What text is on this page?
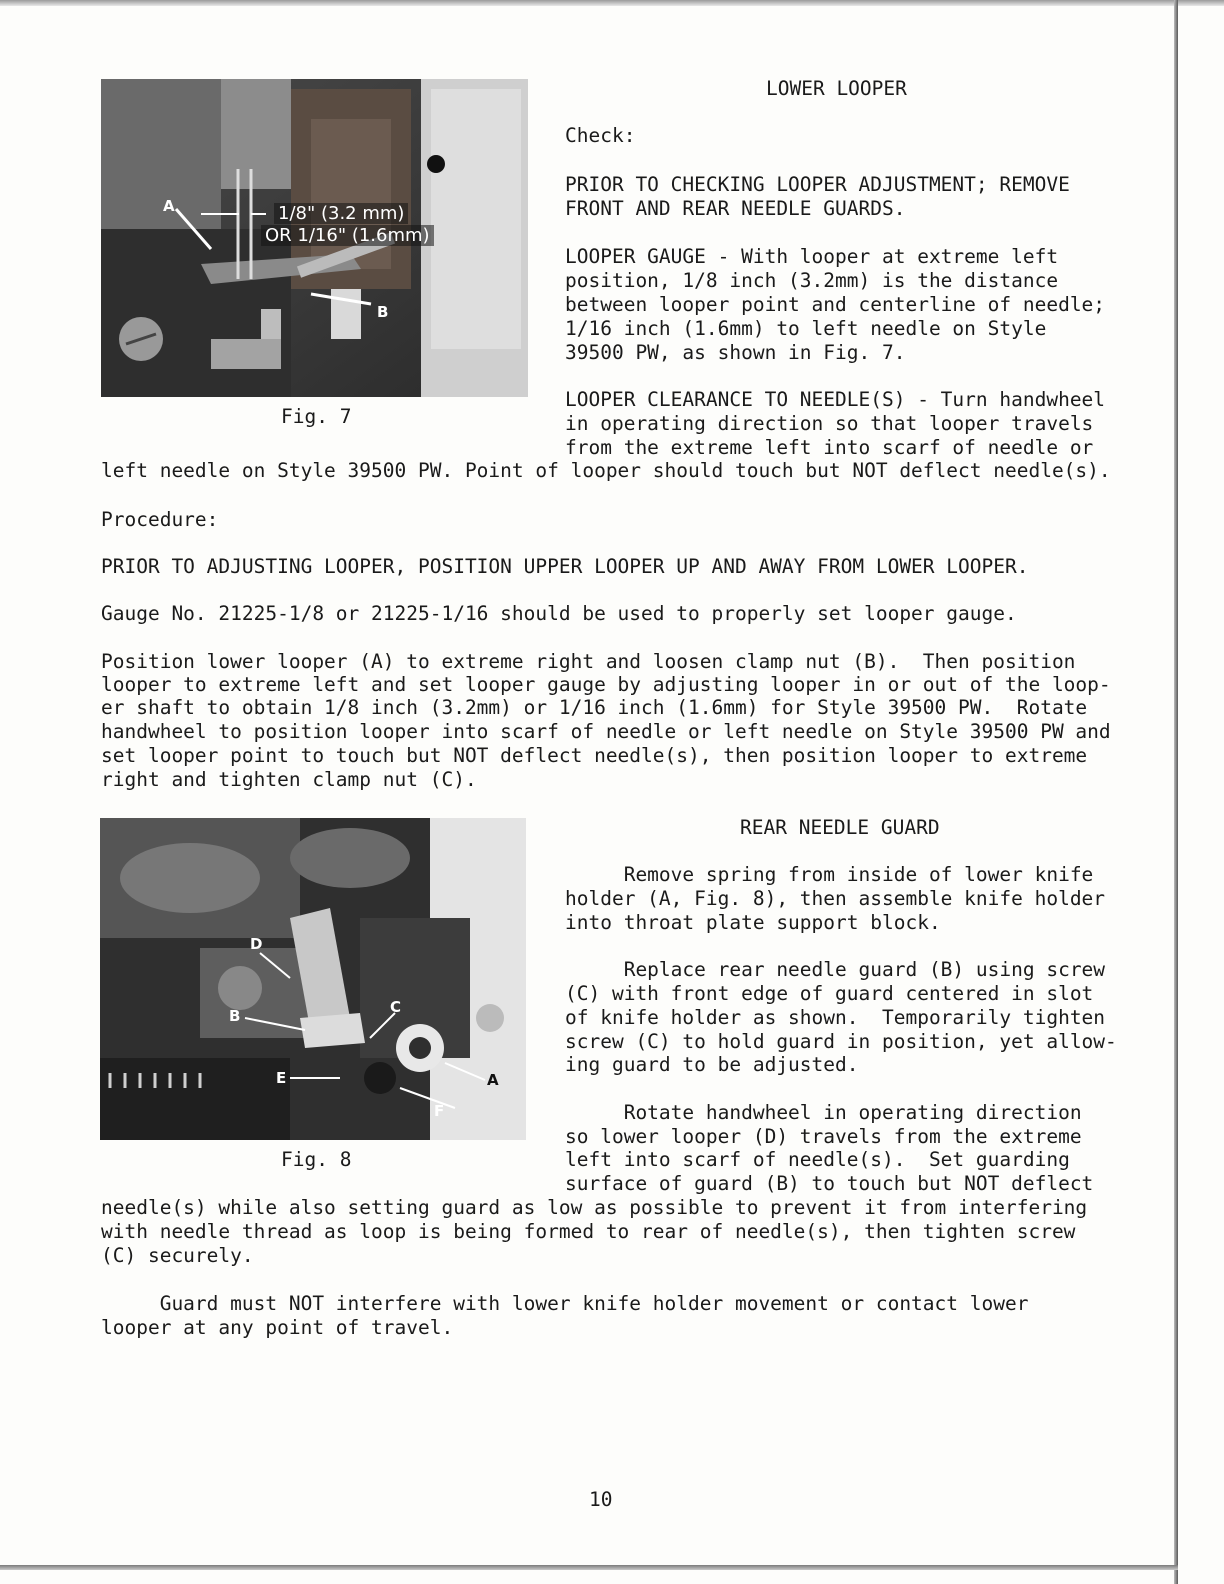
A
B
1/8" (3.2 mm)
OR 1/16" (1.6mm)

Fig. 7

LOWER LOOPER

Check:

PRIOR TO CHECKING LOOPER ADJUSTMENT; REMOVE

FRONT AND REAR NEEDLE GUARDS.

LOOPER GAUGE - With looper at extreme left

position, 1/8 inch (3.2mm) is the distance

between looper point and centerline of needle;

1/16 inch (1.6mm) to left needle on Style

39500 PW, as shown in Fig. 7.

LOOPER CLEARANCE TO NEEDLE(S) - Turn handwheel

in operating direction so that looper travels

from the extreme left into scarf of needle or

left needle on Style 39500 PW. Point of looper should touch but NOT deflect needle(s).

Procedure:

PRIOR TO ADJUSTING LOOPER, POSITION UPPER LOOPER UP AND AWAY FROM LOWER LOOPER.

Gauge No. 21225-1/8 or 21225-1/16 should be used to properly set looper gauge.

Position lower looper (A) to extreme right and loosen clamp nut (B).  Then position

looper to extreme left and set looper gauge by adjusting looper in or out of the loop-

er shaft to obtain 1/8 inch (3.2mm) or 1/16 inch (1.6mm) for Style 39500 PW.  Rotate

handwheel to position looper into scarf of needle or left needle on Style 39500 PW and

set looper point to touch but NOT deflect needle(s), then position looper to extreme

right and tighten clamp nut (C).

D
B	C
E
F
A

Fig. 8

REAR NEEDLE GUARD

Remove spring from inside of lower knife

holder (A, Fig. 8), then assemble knife holder

into throat plate support block.

Replace rear needle guard (B) using screw

(C) with front edge of guard centered in slot

of knife holder as shown.  Temporarily tighten

screw (C) to hold guard in position, yet allow-

ing guard to be adjusted.

Rotate handwheel in operating direction

so lower looper (D) travels from the extreme

left into scarf of needle(s).  Set guarding

surface of guard (B) to touch but NOT deflect

needle(s) while also setting guard as low as possible to prevent it from interfering

with needle thread as loop is being formed to rear of needle(s), then tighten screw

(C) securely.

Guard must NOT interfere with lower knife holder movement or contact lower

looper at any point of travel.

10
